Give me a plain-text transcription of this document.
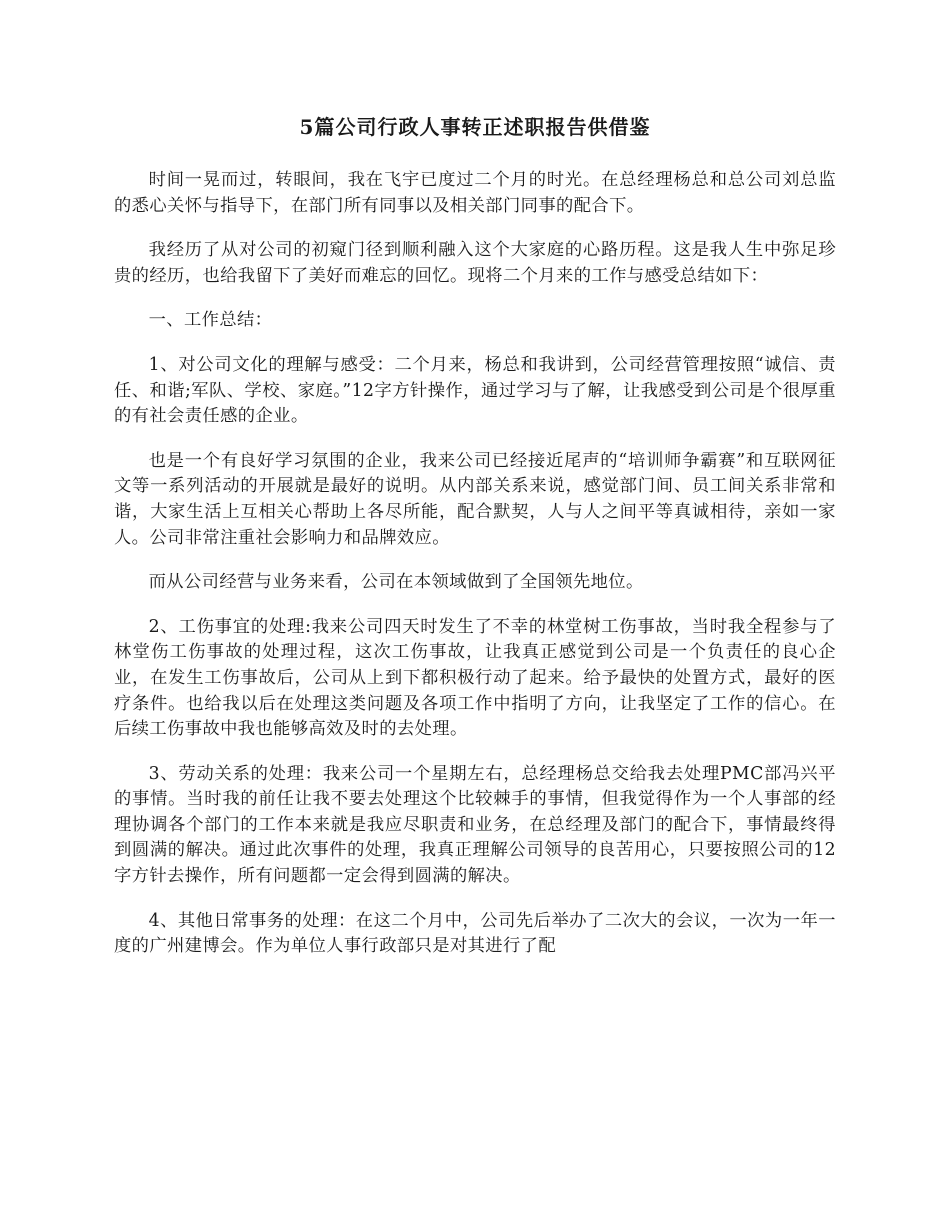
5篇公司行政人事转正述职报告供借鉴

时间一晃而过，转眼间，我在飞宇已度过二个月的时光。在总经理杨总和总公司刘总监的悉心关怀与指导下，在部门所有同事以及相关部门同事的配合下。

我经历了从对公司的初窥门径到顺利融入这个大家庭的心路历程。这是我人生中弥足珍贵的经历，也给我留下了美好而难忘的回忆。现将二个月来的工作与感受总结如下：

一、工作总结：

1、对公司文化的理解与感受：二个月来，杨总和我讲到，公司经营管理按照“诚信、责任、和谐;军队、学校、家庭。”12字方针操作，通过学习与了解，让我感受到公司是个很厚重的有社会责任感的企业。

也是一个有良好学习氛围的企业，我来公司已经接近尾声的“培训师争霸赛”和互联网征文等一系列活动的开展就是最好的说明。从内部关系来说，感觉部门间、员工间关系非常和谐，大家生活上互相关心帮助上各尽所能，配合默契，人与人之间平等真诚相待，亲如一家人。公司非常注重社会影响力和品牌效应。

而从公司经营与业务来看，公司在本领域做到了全国领先地位。

2、工伤事宜的处理:我来公司四天时发生了不幸的林堂树工伤事故，当时我全程参与了林堂伤工伤事故的处理过程，这次工伤事故，让我真正感觉到公司是一个负责任的良心企业，在发生工伤事故后，公司从上到下都积极行动了起来。给予最快的处置方式，最好的医疗条件。也给我以后在处理这类问题及各项工作中指明了方向，让我坚定了工作的信心。在后续工伤事故中我也能够高效及时的去处理。

3、劳动关系的处理：我来公司一个星期左右，总经理杨总交给我去处理PMC部冯兴平的事情。当时我的前任让我不要去处理这个比较棘手的事情，但我觉得作为一个人事部的经理协调各个部门的工作本来就是我应尽职责和业务，在总经理及部门的配合下，事情最终得到圆满的解决。通过此次事件的处理，我真正理解公司领导的良苦用心，只要按照公司的12字方针去操作，所有问题都一定会得到圆满的解决。

4、其他日常事务的处理：在这二个月中，公司先后举办了二次大的会议，一次为一年一度的广州建博会。作为单位人事行政部只是对其进行了配
